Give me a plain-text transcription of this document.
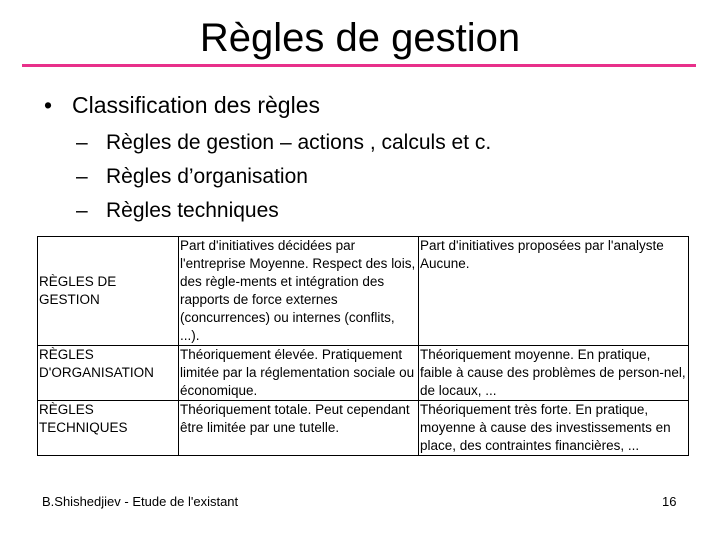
Règles de gestion
• Classification des règles
– Règles de gestion – actions , calculs et c.
– Règles d’organisation
– Règles techniques
RÈGLES DE GESTION	Part d'initiatives décidées par l'entreprise Moyenne. Respect des lois, des règle-ments et intégration des rapports de force externes (concurrences) ou internes (conflits, ...).	Part d'initiatives proposées par l'analyste Aucune.
RÈGLES D'ORGANISATION	Théoriquement élevée. Pratiquement limitée par la réglementation sociale ou économique.	Théoriquement moyenne. En pratique, faible à cause des problèmes de person-nel, de locaux, ...
RÈGLES TECHNIQUES	Théoriquement totale. Peut cependant être limitée par une tutelle.	Théoriquement très forte. En pratique, moyenne à cause des investissements en place, des contraintes financières, ...
B.Shishedjiev - Etude de l'existant	16
